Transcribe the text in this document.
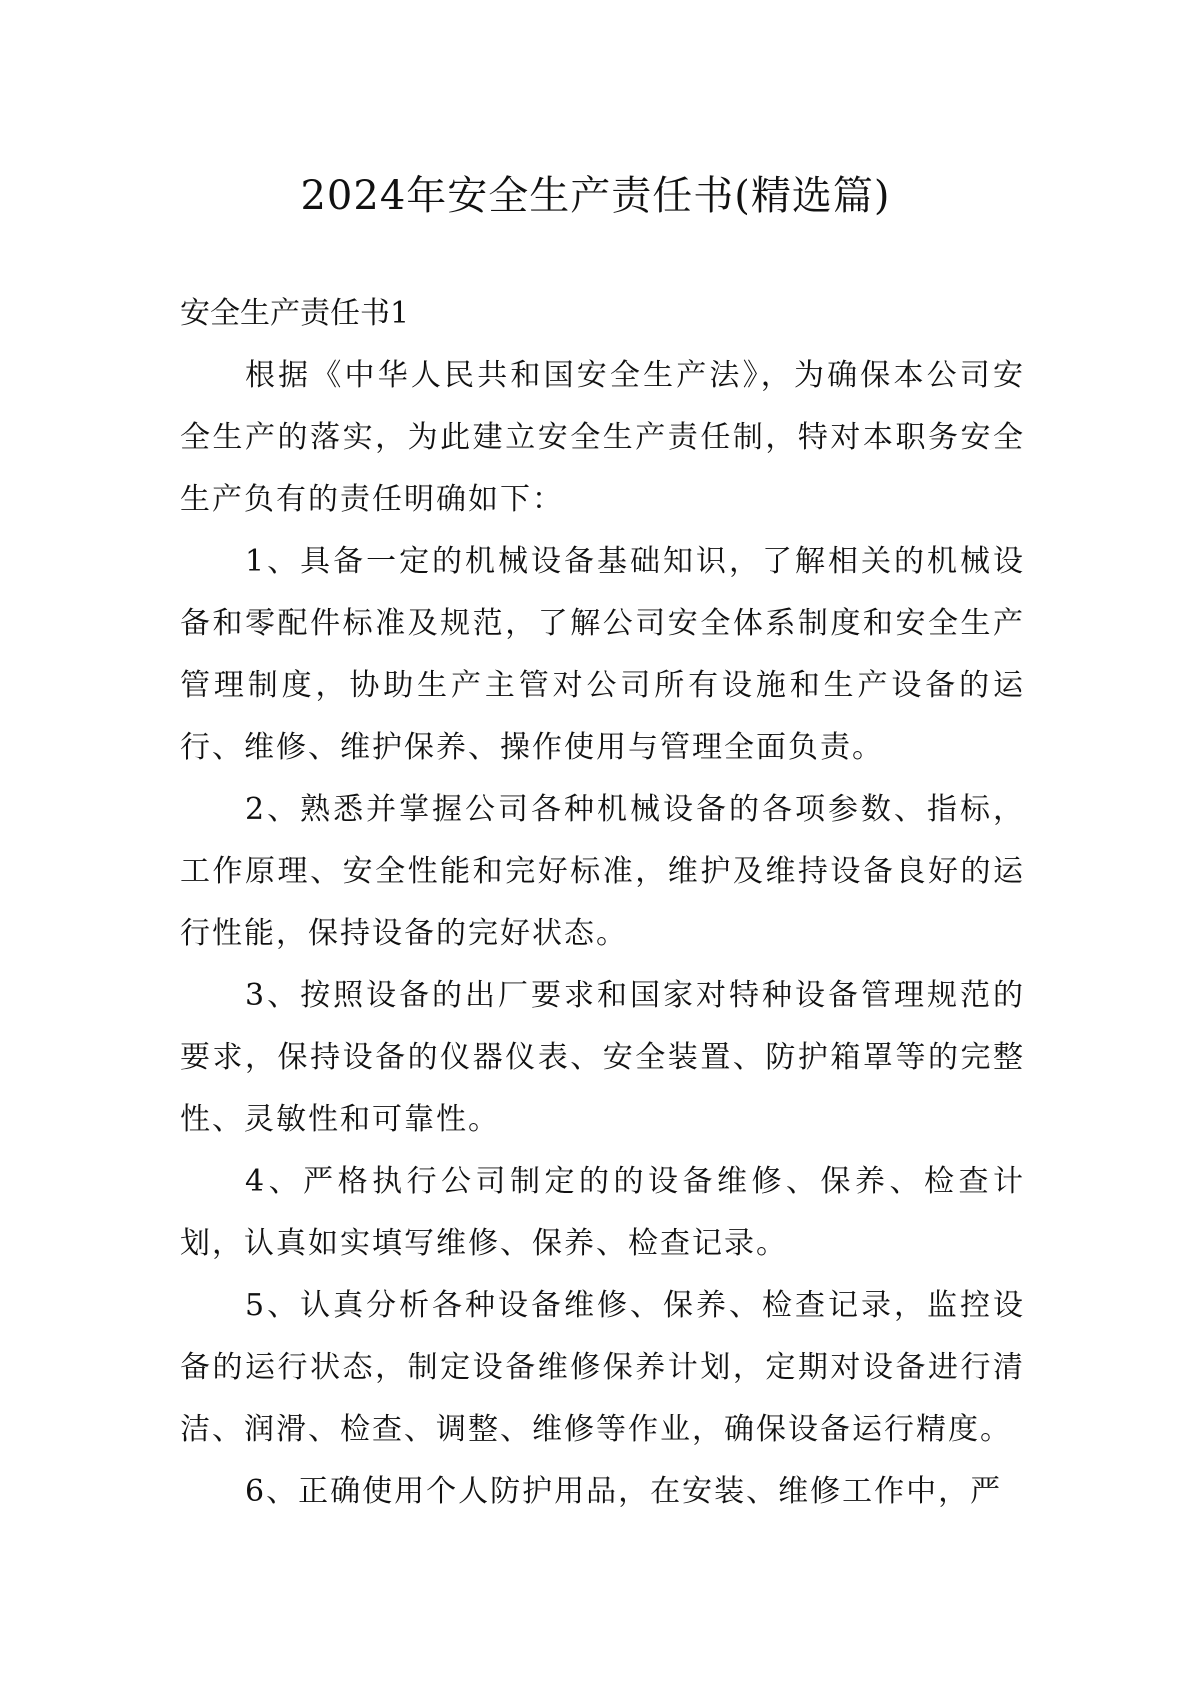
2024年安全生产责任书(精选篇)
安全生产责任书1

根据《中华人民共和国安全生产法》，为确保本公司安全生产的落实，为此建立安全生产责任制，特对本职务安全生产负有的责任明确如下：

1、具备一定的机械设备基础知识，了解相关的机械设备和零配件标准及规范，了解公司安全体系制度和安全生产管理制度，协助生产主管对公司所有设施和生产设备的运行、维修、维护保养、操作使用与管理全面负责。

2、熟悉并掌握公司各种机械设备的各项参数、指标，工作原理、安全性能和完好标准，维护及维持设备良好的运行性能，保持设备的完好状态。

3、按照设备的出厂要求和国家对特种设备管理规范的要求，保持设备的仪器仪表、安全装置、防护箱罩等的完整性、灵敏性和可靠性。

4、严格执行公司制定的的设备维修、保养、检查计划，认真如实填写维修、保养、检查记录。

5、认真分析各种设备维修、保养、检查记录，监控设备的运行状态，制定设备维修保养计划，定期对设备进行清洁、润滑、检查、调整、维修等作业，确保设备运行精度。

6、正确使用个人防护用品，在安装、维修工作中，严
